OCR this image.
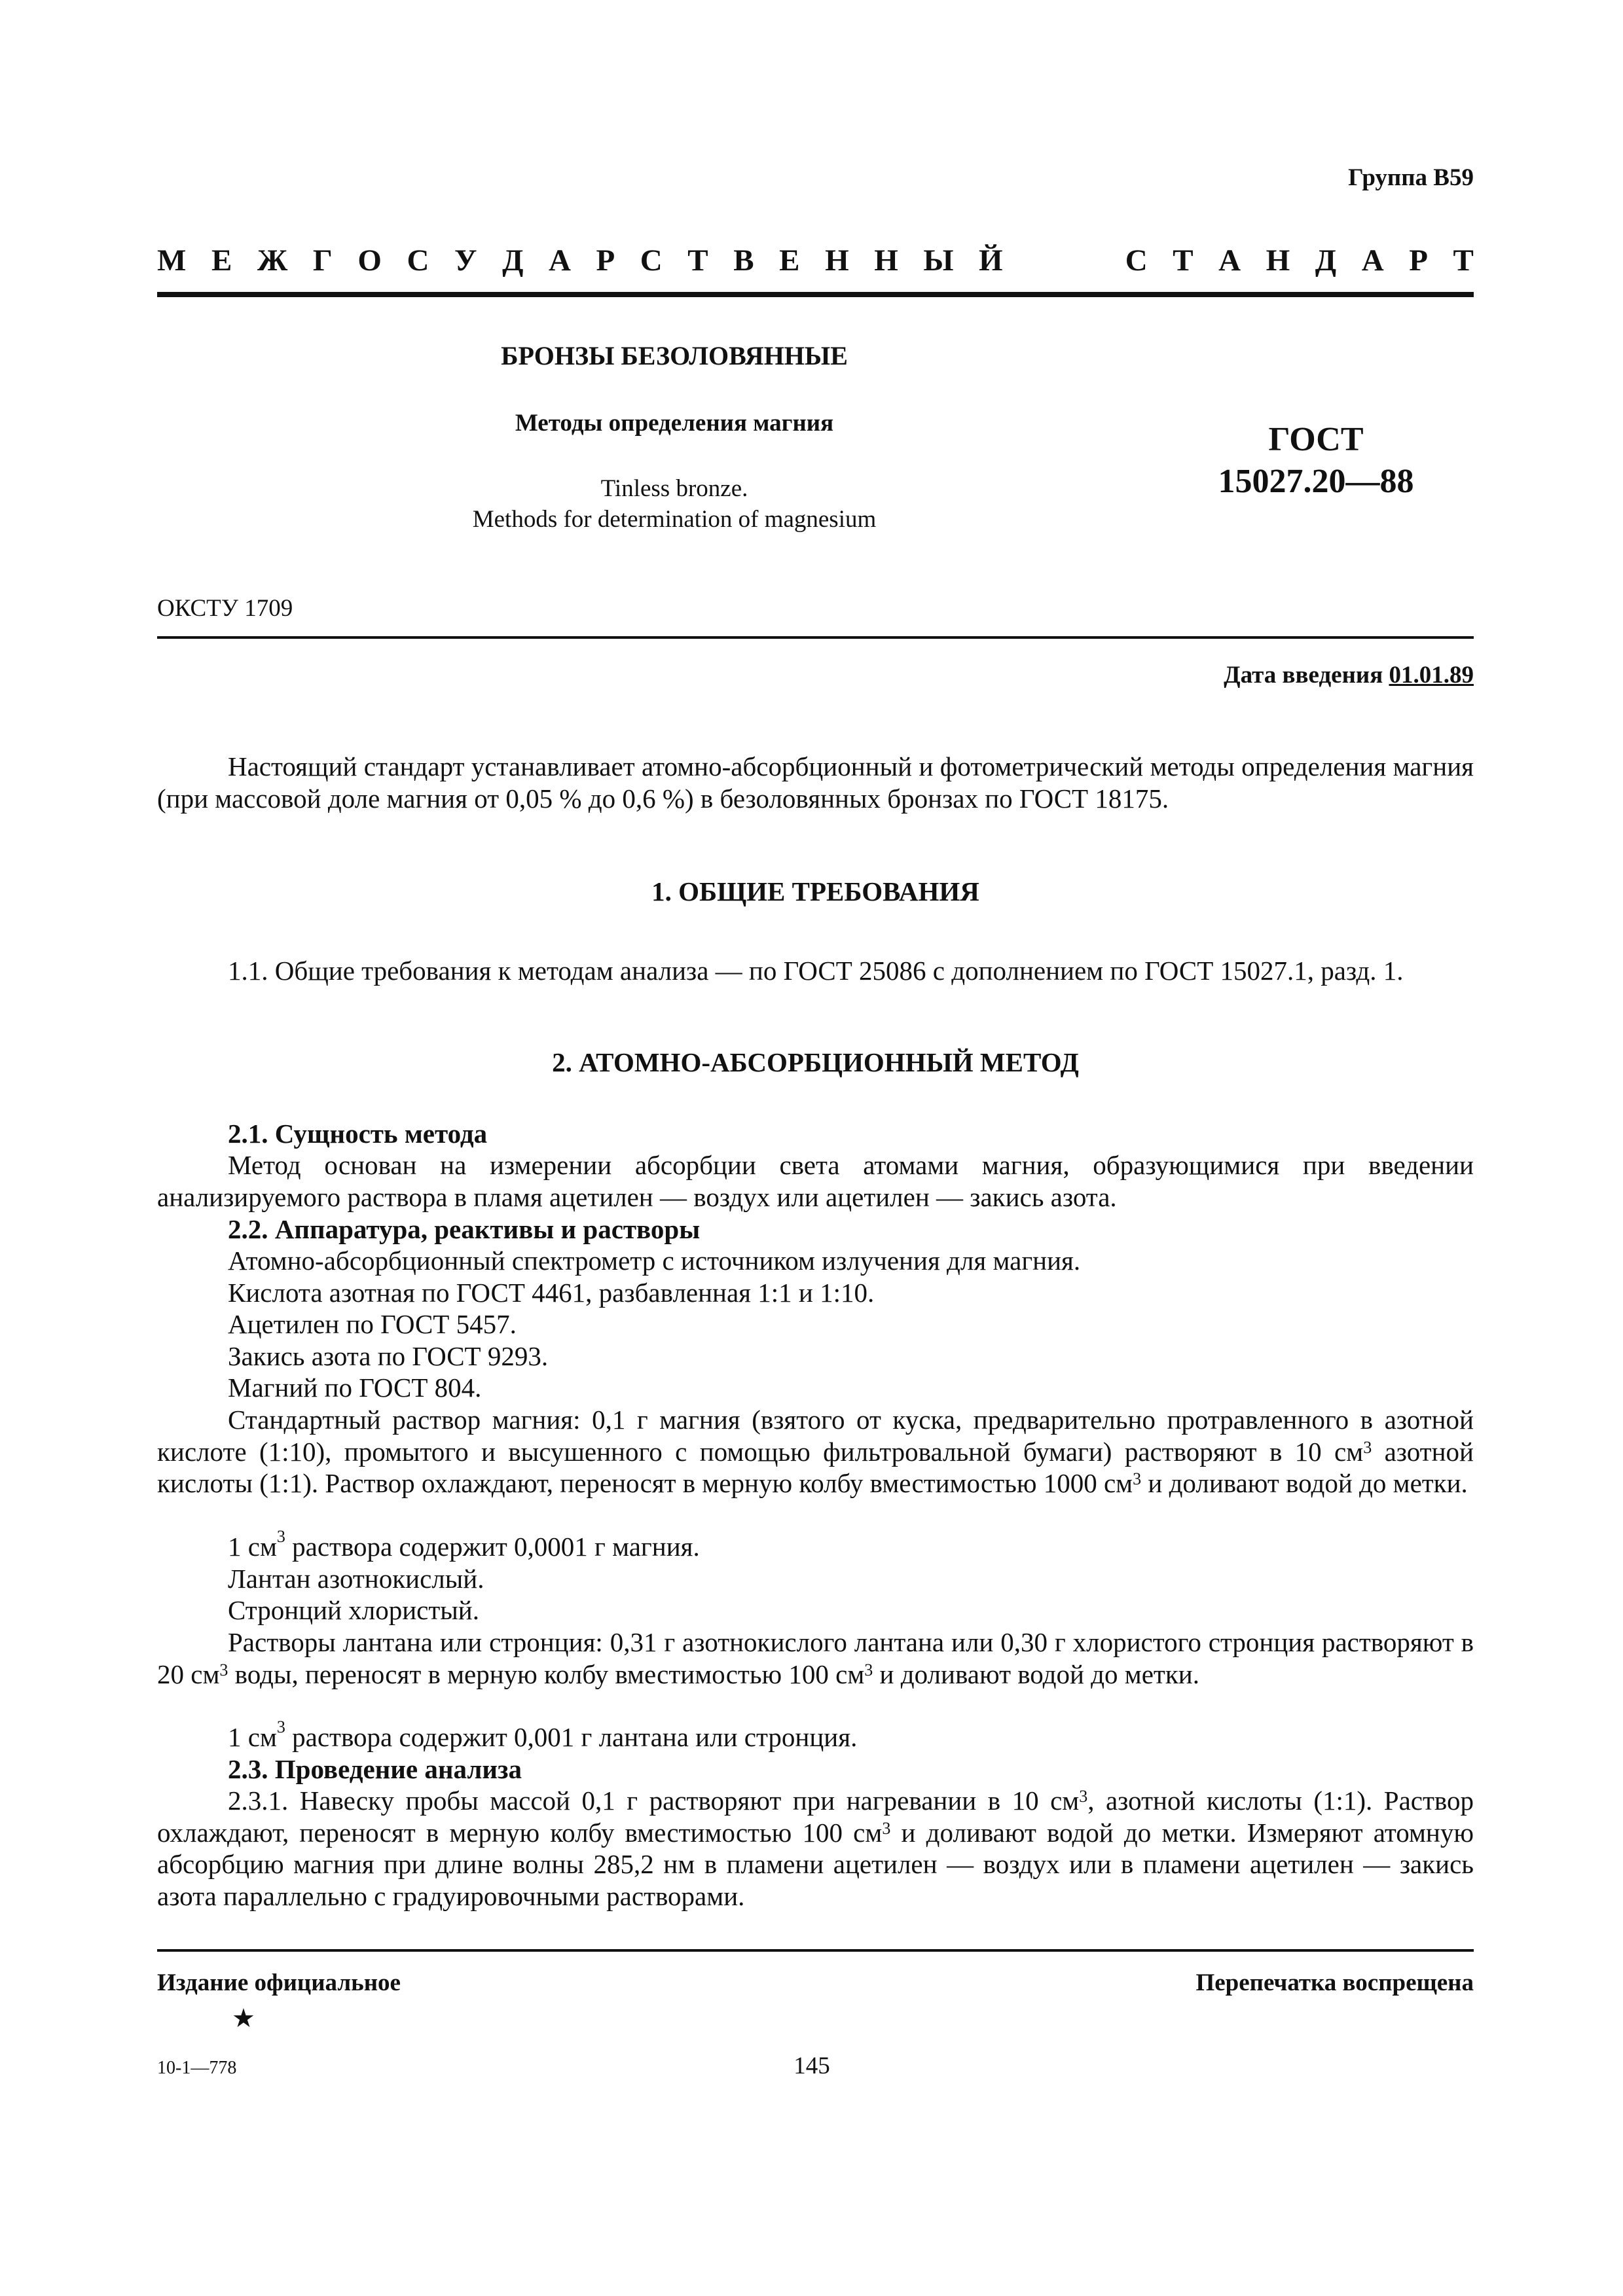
Группа В59
М Е Ж Г О С У Д А Р С Т В Е Н Н Ы Й	С Т А Н Д А Р Т
БРОНЗЫ БЕЗОЛОВЯННЫЕ
Методы определения магния
Tinless bronze.
Methods for determination of magnesium
ГОСТ
15027.20—88
ОКСТУ 1709
Дата введения 01.01.89
Настоящий стандарт устанавливает атомно-абсорбционный и фотометрический методы определения магния (при массовой доле магния от 0,05 % до 0,6 %) в безоловянных бронзах по ГОСТ 18175.
1. ОБЩИЕ ТРЕБОВАНИЯ
1.1. Общие требования к методам анализа — по ГОСТ 25086 с дополнением по ГОСТ 15027.1, разд. 1.
2. АТОМНО-АБСОРБЦИОННЫЙ МЕТОД
2.1. Сущность метода
Метод основан на измерении абсорбции света атомами магния, образующимися при введении анализируемого раствора в пламя ацетилен — воздух или ацетилен — закись азота.
2.2. Аппаратура, реактивы и растворы
Атомно-абсорбционный спектрометр с источником излучения для магния.
Кислота азотная по ГОСТ 4461, разбавленная 1:1 и 1:10.
Ацетилен по ГОСТ 5457.
Закись азота по ГОСТ 9293.
Магний по ГОСТ 804.
Стандартный раствор магния: 0,1 г магния (взятого от куска, предварительно протравленного в азотной кислоте (1:10), промытого и высушенного с помощью фильтровальной бумаги) растворяют в 10 $см^3$ азотной кислоты (1:1). Раствор охлаждают, переносят в мерную колбу вместимостью 1000 $см^3$ и доливают водой до метки.
1 $см^3$ раствора содержит 0,0001 г магния.
Лантан азотнокислый.
Стронций хлористый.
Растворы лантана или стронция: 0,31 г азотнокислого лантана или 0,30 г хлористого стронция растворяют в 20 $см^3$ воды, переносят в мерную колбу вместимостью 100 $см^3$ и доливают водой до метки.
1 $см^3$ раствора содержит 0,001 г лантана или стронция.
2.3. Проведение анализа
2.3.1. Навеску пробы массой 0,1 г растворяют при нагревании в 10 $см^3$, азотной кислоты (1:1). Раствор охлаждают, переносят в мерную колбу вместимостью 100 $см^3$ и доливают водой до метки. Измеряют атомную абсорбцию магния при длине волны 285,2 нм в пламени ацетилен — воздух или в пламени ацетилен — закись азота параллельно с градуировочными растворами.
Издание официальное
★
Перепечатка воспрещена
10-1—778	145
